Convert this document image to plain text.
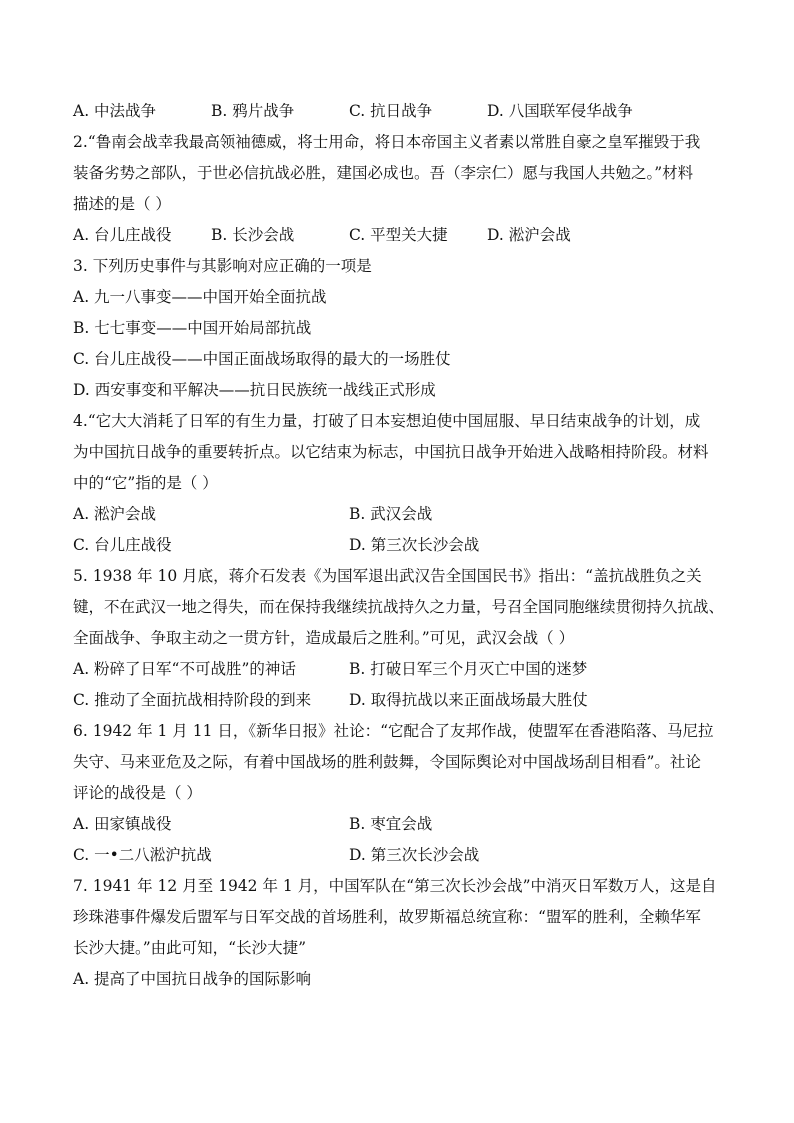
A. 中法战争	B. 鸦片战争	C. 抗日战争	D. 八国联军侵华战争
2.“鲁南会战幸我最高领袖德威，将士用命，将日本帝国主义者素以常胜自豪之皇军摧毁于我
装备劣势之部队，于世必信抗战必胜，建国必成也。吾（李宗仁）愿与我国人共勉之。”材料
描述的是（ ）
A. 台儿庄战役	B. 长沙会战	C. 平型关大捷	D. 淞沪会战
3. 下列历史事件与其影响对应正确的一项是
A. 九一八事变——中国开始全面抗战
B. 七七事变——中国开始局部抗战
C. 台儿庄战役——中国正面战场取得的最大的一场胜仗
D. 西安事变和平解决——抗日民族统一战线正式形成
4.“它大大消耗了日军的有生力量，打破了日本妄想迫使中国屈服、早日结束战争的计划，成
为中国抗日战争的重要转折点。以它结束为标志，中国抗日战争开始进入战略相持阶段。材料
中的“它”指的是（ ）
A. 淞沪会战	B. 武汉会战
C. 台儿庄战役	D. 第三次长沙会战
5. 1938 年 10 月底，蒋介石发表《为国军退出武汉告全国国民书》指出：“盖抗战胜负之关
键，不在武汉一地之得失，而在保持我继续抗战持久之力量，号召全国同胞继续贯彻持久抗战、
全面战争、争取主动之一贯方针，造成最后之胜利。”可见，武汉会战（ ）
A. 粉碎了日军“不可战胜”的神话	B. 打破日军三个月灭亡中国的迷梦
C. 推动了全面抗战相持阶段的到来	D. 取得抗战以来正面战场最大胜仗
6. 1942 年 1 月 11 日，《新华日报》社论：“它配合了友邦作战，使盟军在香港陷落、马尼拉
失守、马来亚危及之际，有着中国战场的胜利鼓舞，令国际舆论对中国战场刮目相看”。社论
评论的战役是（ ）
A. 田家镇战役	B. 枣宜会战
C. 一•二八淞沪抗战	D. 第三次长沙会战
7. 1941 年 12 月至 1942 年 1 月，中国军队在“第三次长沙会战”中消灭日军数万人，这是自
珍珠港事件爆发后盟军与日军交战的首场胜利，故罗斯福总统宣称：“盟军的胜利，全赖华军
长沙大捷。”由此可知，“长沙大捷”
A. 提高了中国抗日战争的国际影响
